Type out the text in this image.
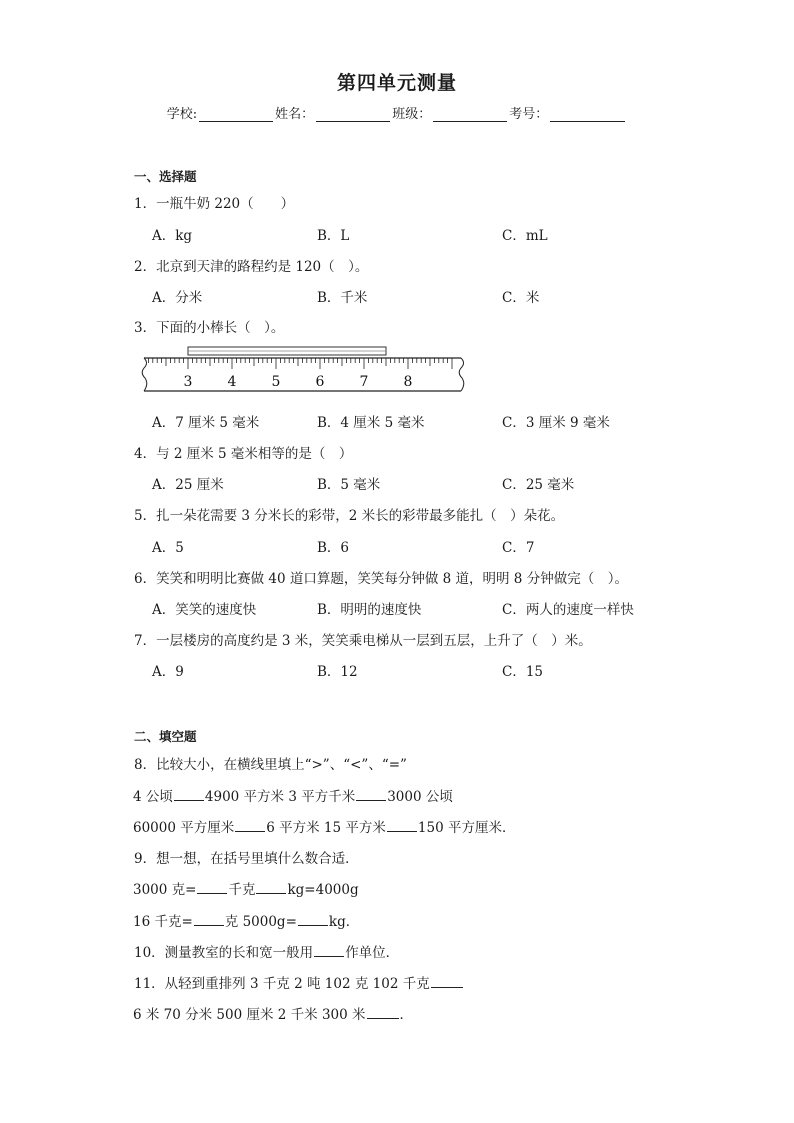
第四单元测量
学校:	姓名：	班级：	考号：
一、选择题
1．一瓶牛奶 220（　　）
A．kg	B．L	C．mL
2．北京到天津的路程约是 120（　）。
A．分米	B．千米	C．米
3．下面的小棒长（　）。
3	4	5	6	7	8
A．7 厘米 5 毫米	B．4 厘米 5 毫米	C．3 厘米 9 毫米
4．与 2 厘米 5 毫米相等的是（　）
A．25 厘米	B．5 毫米	C．25 毫米
5．扎一朵花需要 3 分米长的彩带，2 米长的彩带最多能扎（　）朵花。
A．5	B．6	C．7
6．笑笑和明明比赛做 40 道口算题，笑笑每分钟做 8 道，明明 8 分钟做完（　）。
A．笑笑的速度快	B．明明的速度快	C．两人的速度一样快
7．一层楼房的高度约是 3 米，笑笑乘电梯从一层到五层，上升了（　）米。
A．9	B．12	C．15
二、填空题
8．比较大小，在横线里填上“>”、“<”、“=”
4 公顷 4900 平方米 3 平方千米 3000 公顷
60000 平方厘米 6 平方米 15 平方米 150 平方厘米．
9．想一想，在括号里填什么数合适．
3000 克= 千克 kg=4000g
16 千克= 克 5000g= kg．
10．测量教室的长和宽一般用 作单位．
11．从轻到重排列 3 千克 2 吨 102 克 102 千克
6 米 70 分米 500 厘米 2 千米 300 米	．
